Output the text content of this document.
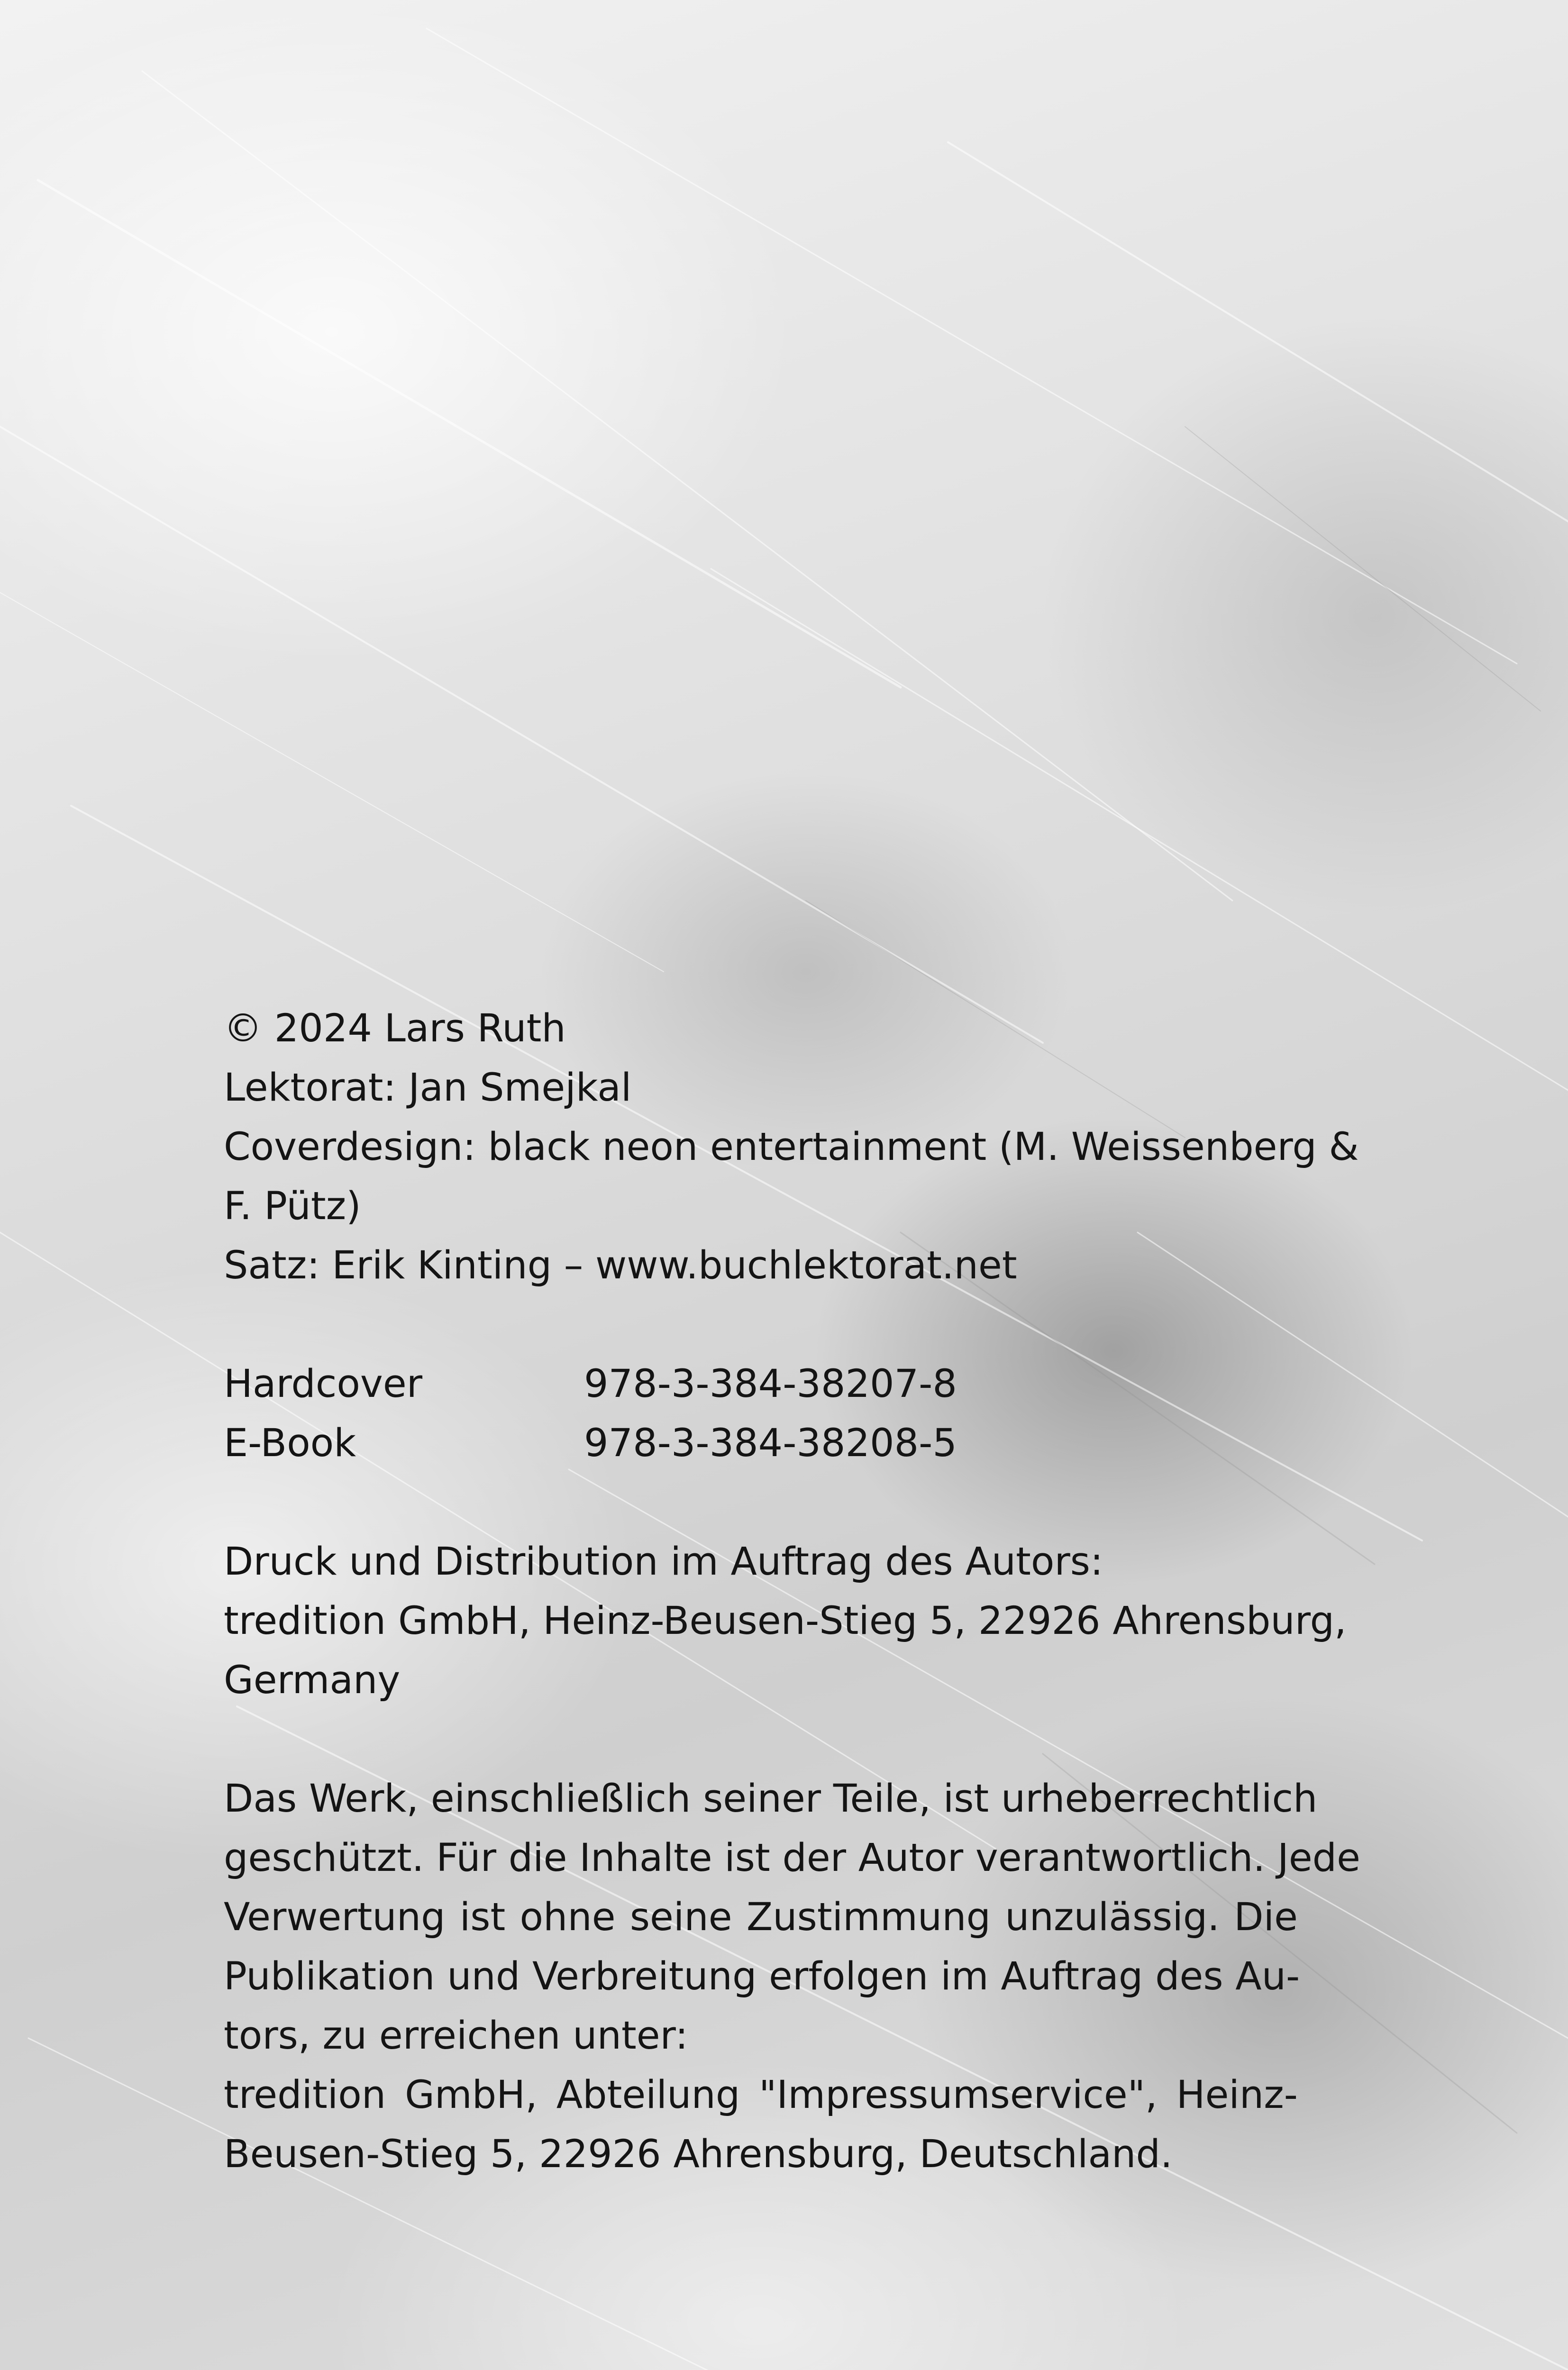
© 2024 Lars Ruth
Lektorat: Jan Smejkal
Coverdesign: black neon entertainment (M. Weissenberg &
F. Pütz)
Satz: Erik Kinting – www.buchlektorat.net
Hardcover	978-3-384-38207-8
E-Book	978-3-384-38208-5
Druck und Distribution im Auftrag des Autors:
tredition GmbH, Heinz-Beusen-Stieg 5, 22926 Ahrensburg,
Germany
Das Werk, einschließlich seiner Teile, ist urheberrechtlich
geschützt. Für die Inhalte ist der Autor verantwortlich. Jede
Verwertung ist ohne seine Zustimmung unzulässig. Die
Publikation und Verbreitung erfolgen im Auftrag des Au-
tors, zu erreichen unter:
tredition GmbH, Abteilung "Impressumservice", Heinz-
Beusen-Stieg 5, 22926 Ahrensburg, Deutschland.
